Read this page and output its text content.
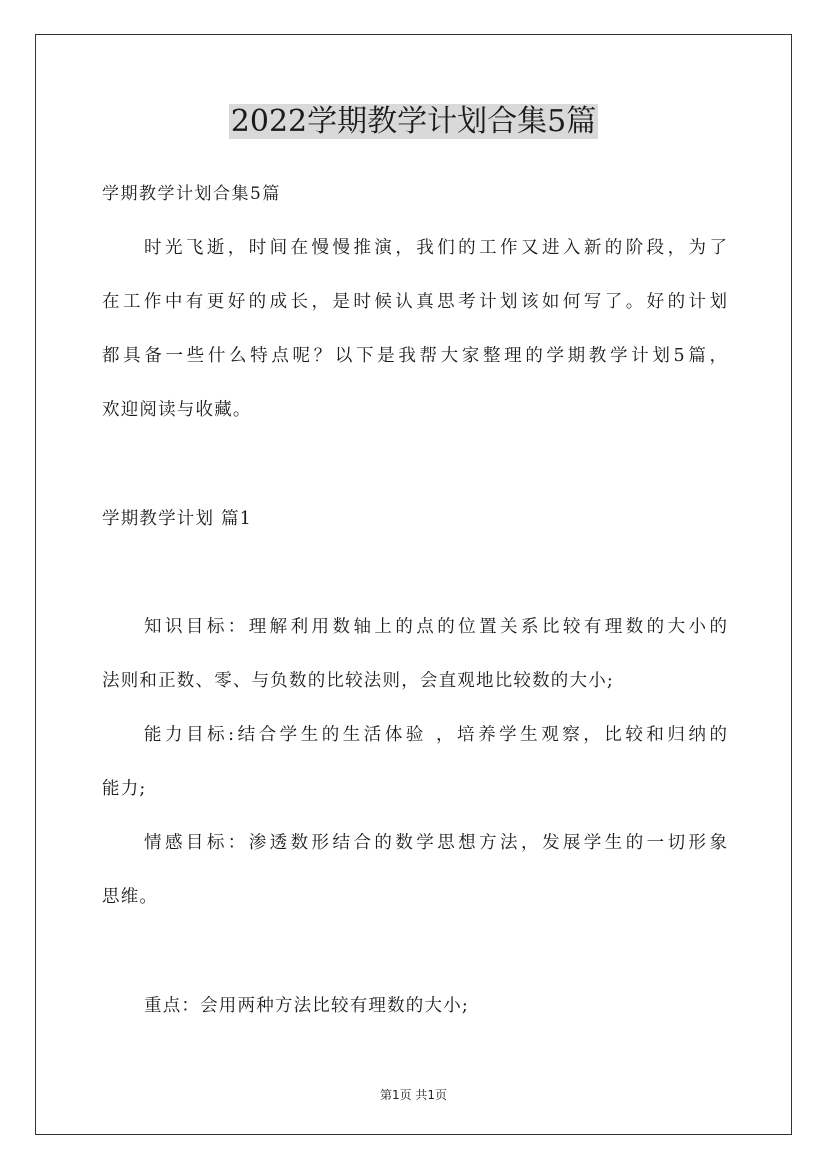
2022学期教学计划合集5篇
学期教学计划合集5篇
时光飞逝，时间在慢慢推演，我们的工作又进入新的阶段，为了
在工作中有更好的成长，是时候认真思考计划该如何写了。好的计划
都具备一些什么特点呢？以下是我帮大家整理的学期教学计划5篇，
欢迎阅读与收藏。
学期教学计划 篇1
知识目标：理解利用数轴上的点的位置关系比较有理数的大小的
法则和正数、零、与负数的比较法则，会直观地比较数的大小;
能力目标:结合学生的生活体验 ，培养学生观察，比较和归纳的
能力;
情感目标：渗透数形结合的数学思想方法，发展学生的一切形象
思维。
重点：会用两种方法比较有理数的大小;
第1页 共1页
